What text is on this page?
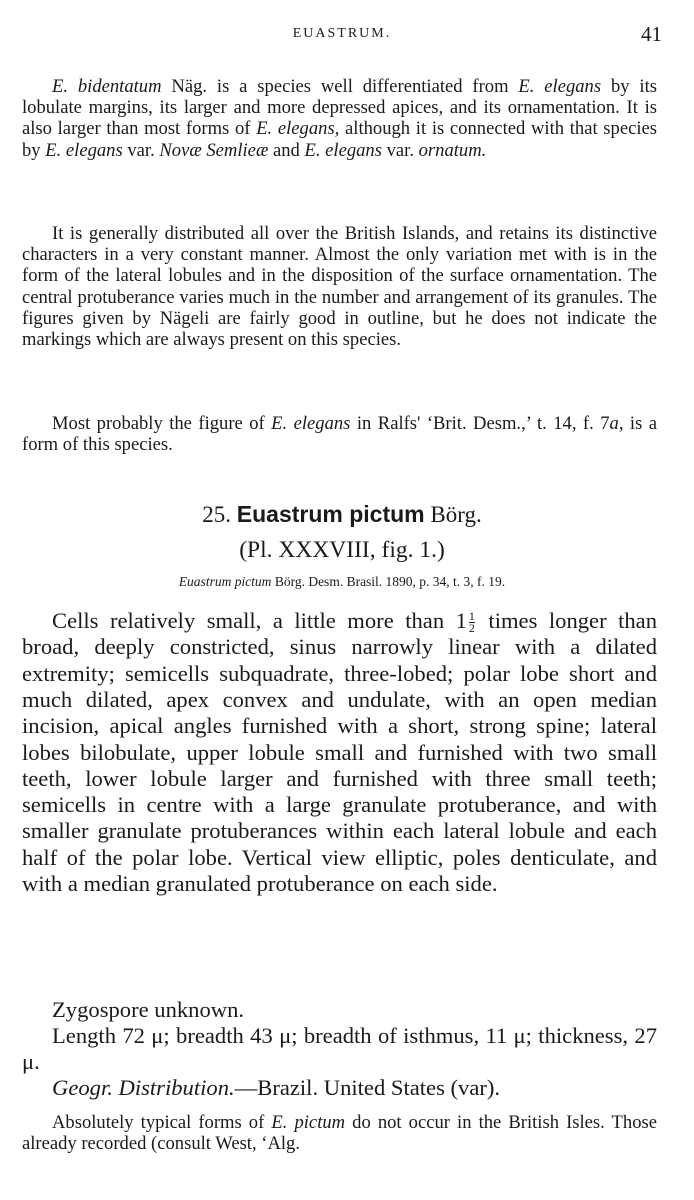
EUASTRUM.	41

E. bidentatum Näg. is a species well differentiated from E. elegans by its lobulate margins, its larger and more depressed apices, and its ornamentation. It is also larger than most forms of E. elegans, although it is connected with that species by E. elegans var. Novæ Semlieæ and E. elegans var. ornatum.

It is generally distributed all over the British Islands, and retains its distinctive characters in a very constant manner. Almost the only variation met with is in the form of the lateral lobules and in the disposition of the surface ornamentation. The central protuberance varies much in the number and arrangement of its granules. The figures given by Nägeli are fairly good in outline, but he does not indicate the markings which are always present on this species.

Most probably the figure of E. elegans in Ralfs' ‘Brit. Desm.,’ t. 14, f. 7a, is a form of this species.

25. Euastrum pictum Börg.
(Pl. XXXVIII, fig. 1.)
Euastrum pictum Börg. Desm. Brasil. 1890, p. 34, t. 3, f. 19.

Cells relatively small, a little more than $1 \frac{1}{2}$ times longer than broad, deeply constricted, sinus narrowly linear with a dilated extremity; semicells subquadrate, three-lobed; polar lobe short and much dilated, apex convex and undulate, with an open median incision, apical angles furnished with a short, strong spine; lateral lobes bilobulate, upper lobule small and furnished with two small teeth, lower lobule larger and furnished with three small teeth; semicells in centre with a large granulate protuberance, and with smaller granulate protuberances within each lateral lobule and each half of the polar lobe. Vertical view elliptic, poles denticulate, and with a median granulated protuberance on each side.

Zygospore unknown.

Length 72 μ; breadth 43 μ; breadth of isthmus, 11 μ; thickness, 27 μ.

Geogr. Distribution.—Brazil. United States (var).

Absolutely typical forms of E. pictum do not occur in the British Isles. Those already recorded (consult West, ‘Alg.
